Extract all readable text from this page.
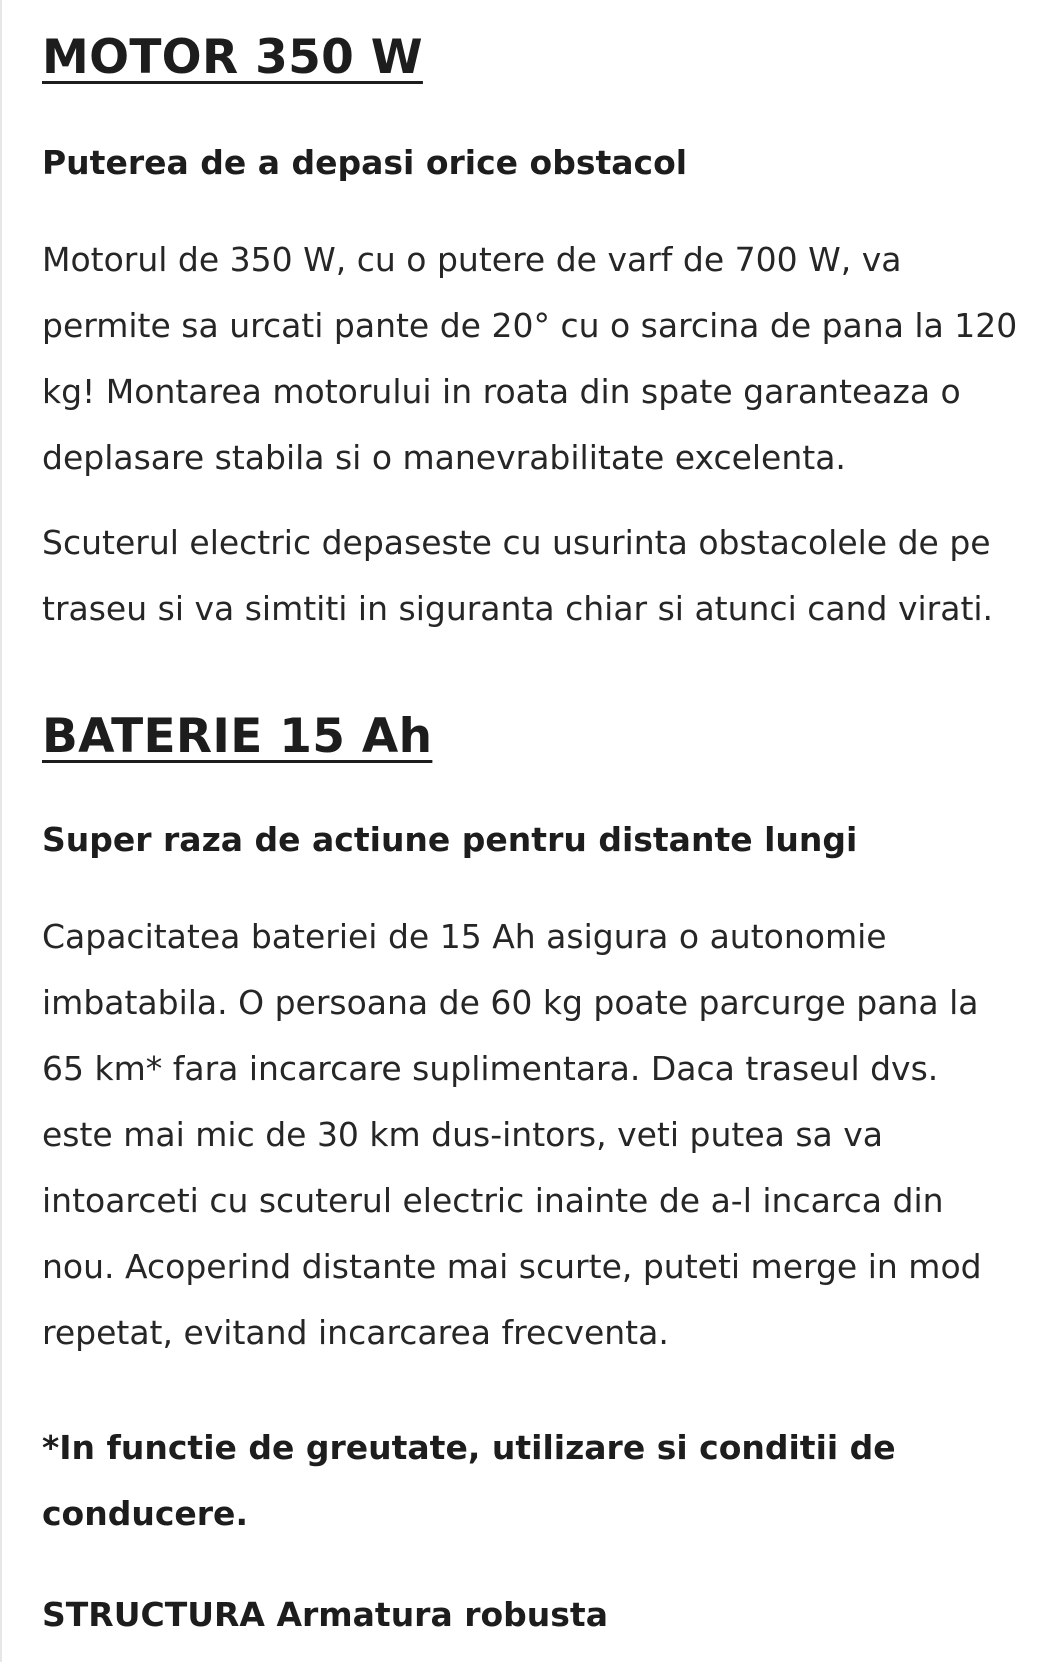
MOTOR 350 W
Puterea de a depasi orice obstacol

Motorul de 350 W, cu o putere de varf de 700 W, va
permite sa urcati pante de 20° cu o sarcina de pana la 120
kg! Montarea motorului in roata din spate garanteaza o
deplasare stabila si o manevrabilitate excelenta.

Scuterul electric depaseste cu usurinta obstacolele de pe
traseu si va simtiti in siguranta chiar si atunci cand virati.

BATERIE 15 Ah
Super raza de actiune pentru distante lungi

Capacitatea bateriei de 15 Ah asigura o autonomie
imbatabila. O persoana de 60 kg poate parcurge pana la
65 km* fara incarcare suplimentara. Daca traseul dvs.
este mai mic de 30 km dus-intors, veti putea sa va
intoarceti cu scuterul electric inainte de a-l incarca din
nou. Acoperind distante mai scurte, puteti merge in mod
repetat, evitand incarcarea frecventa.

*In functie de greutate, utilizare si conditii de
conducere.

STRUCTURA Armatura robusta
